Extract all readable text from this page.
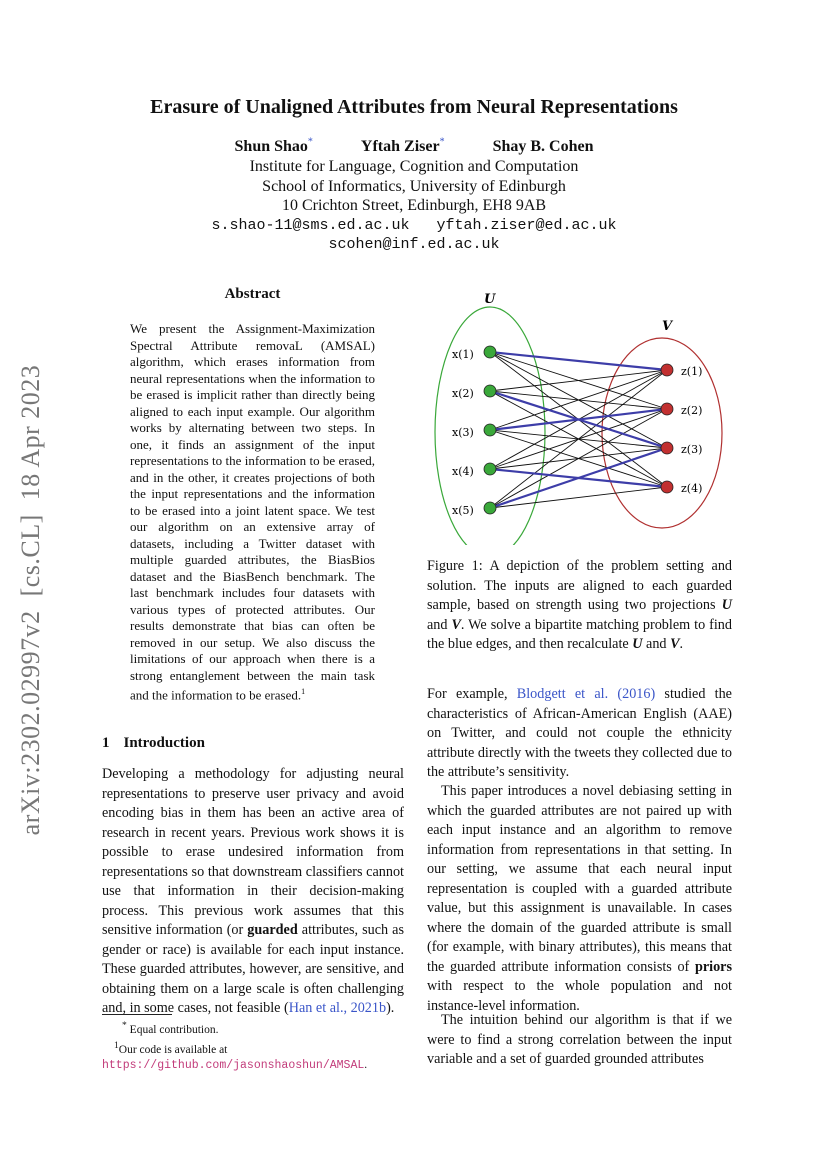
Erasure of Unaligned Attributes from Neural Representations
Shun Shao*	Yftah Ziser*	Shay B. Cohen
Institute for Language, Cognition and Computation
School of Informatics, University of Edinburgh
10 Crichton Street, Edinburgh, EH8 9AB
s.shao-11@sms.ed.ac.uk   yftah.ziser@ed.ac.uk
scohen@inf.ed.ac.uk
arXiv:2302.02997v2  [cs.CL]  18 Apr 2023
Abstract
We present the Assignment-Maximization Spectral Attribute removaL (AMSAL) algorithm, which erases information from neural representations when the information to be erased is implicit rather than directly being aligned to each input example. Our algorithm works by alternating between two steps. In one, it finds an assignment of the input representations to the information to be erased, and in the other, it creates projections of both the input representations and the information to be erased into a joint latent space. We test our algorithm on an extensive array of datasets, including a Twitter dataset with multiple guarded attributes, the BiasBios dataset and the BiasBench benchmark. The last benchmark includes four datasets with various types of protected attributes. Our results demonstrate that bias can often be removed in our setup. We also discuss the limitations of our approach when there is a strong entanglement between the main task and the information to be erased.$^1$
1 Introduction
Developing a methodology for adjusting neural representations to preserve user privacy and avoid encoding bias in them has been an active area of research in recent years. Previous work shows it is possible to erase undesired information from representations so that downstream classifiers cannot use that information in their decision-making process. This previous work assumes that this sensitive information (or guarded attributes, such as gender or race) is available for each input instance. These guarded attributes, however, are sensitive, and obtaining them on a large scale is often challenging and, in some cases, not feasible (Han et al., 2021b).
* Equal contribution.
$^1$Our code is available at https://github.com/jasonshaoshun/AMSAL.
x(1)
x(2)
x(3)
x(4)
x(5)
z(1)
z(2)
z(3)
z(4)
U
V
Figure 1: A depiction of the problem setting and solution. The inputs are aligned to each guarded sample, based on strength using two projections U and V. We solve a bipartite matching problem to find the blue edges, and then recalculate U and V.
For example, Blodgett et al. (2016) studied the characteristics of African-American English (AAE) on Twitter, and could not couple the ethnicity attribute directly with the tweets they collected due to the attribute’s sensitivity.
This paper introduces a novel debiasing setting in which the guarded attributes are not paired up with each input instance and an algorithm to remove information from representations in that setting. In our setting, we assume that each neural input representation is coupled with a guarded attribute value, but this assignment is unavailable. In cases where the domain of the guarded attribute is small (for example, with binary attributes), this means that the guarded attribute information consists of priors with respect to the whole population and not instance-level information.
The intuition behind our algorithm is that if we were to find a strong correlation between the input variable and a set of guarded grounded attributes
